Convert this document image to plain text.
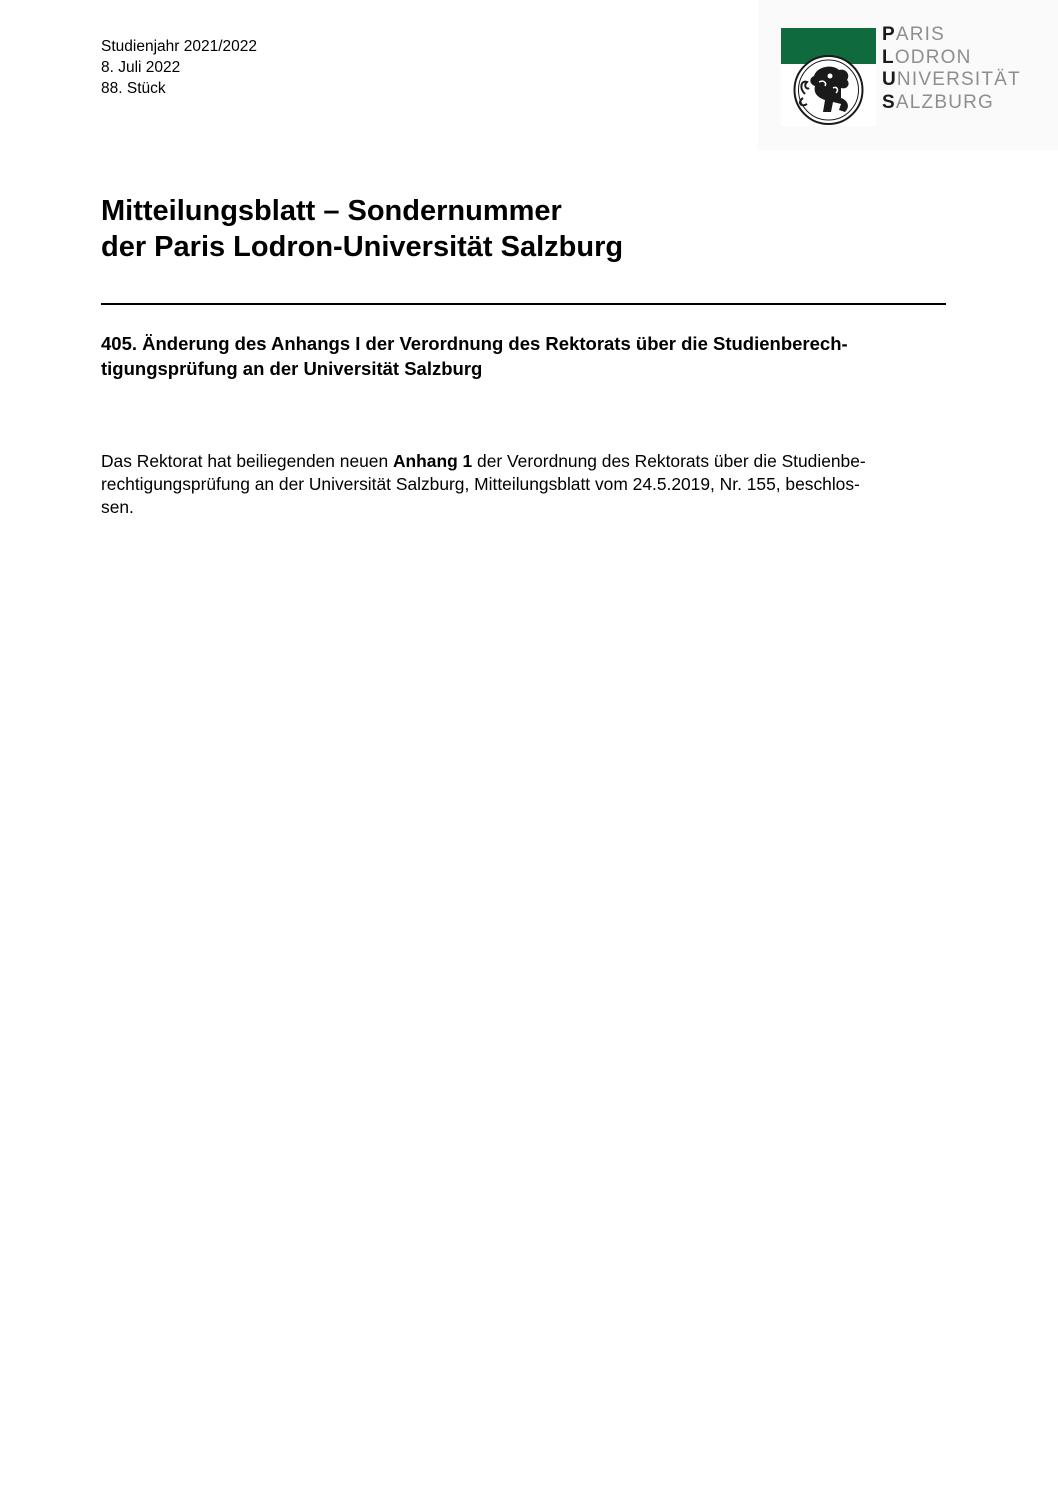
Studienjahr 2021/2022
8. Juli 2022
88. Stück
PARIS
LODRON
UNIVERSITÄT
SALZBURG
Mitteilungsblatt – Sondernummer
der Paris Lodron-Universität Salzburg
405. Änderung des Anhangs I der Verordnung des Rektorats über die Studienberech-
tigungsprüfung an der Universität Salzburg
Das Rektorat hat beiliegenden neuen Anhang 1 der Verordnung des Rektorats über die Studienbe-
rechtigungsprüfung an der Universität Salzburg, Mitteilungsblatt vom 24.5.2019, Nr. 155, beschlos-
sen.
